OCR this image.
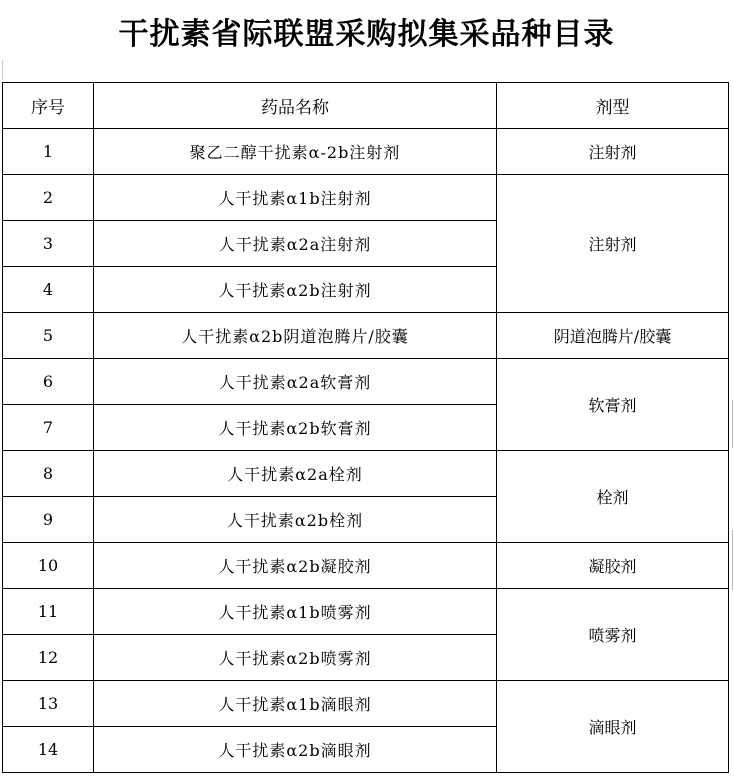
干扰素省际联盟采购拟集采品种目录
序号	药品名称	剂型
1	聚乙二醇干扰素α-2b注射剂	注射剂
2	人干扰素α1b注射剂	注射剂
3	人干扰素α2a注射剂	
4	人干扰素α2b注射剂	
5	人干扰素α2b阴道泡腾片/胶囊	阴道泡腾片/胶囊
6	人干扰素α2a软膏剂	软膏剂
7	人干扰素α2b软膏剂	
8	人干扰素α2a栓剂	栓剂
9	人干扰素α2b栓剂	
10	人干扰素α2b凝胶剂	凝胶剂
11	人干扰素α1b喷雾剂	喷雾剂
12	人干扰素α2b喷雾剂	
13	人干扰素α1b滴眼剂	滴眼剂
14	人干扰素α2b滴眼剂	
